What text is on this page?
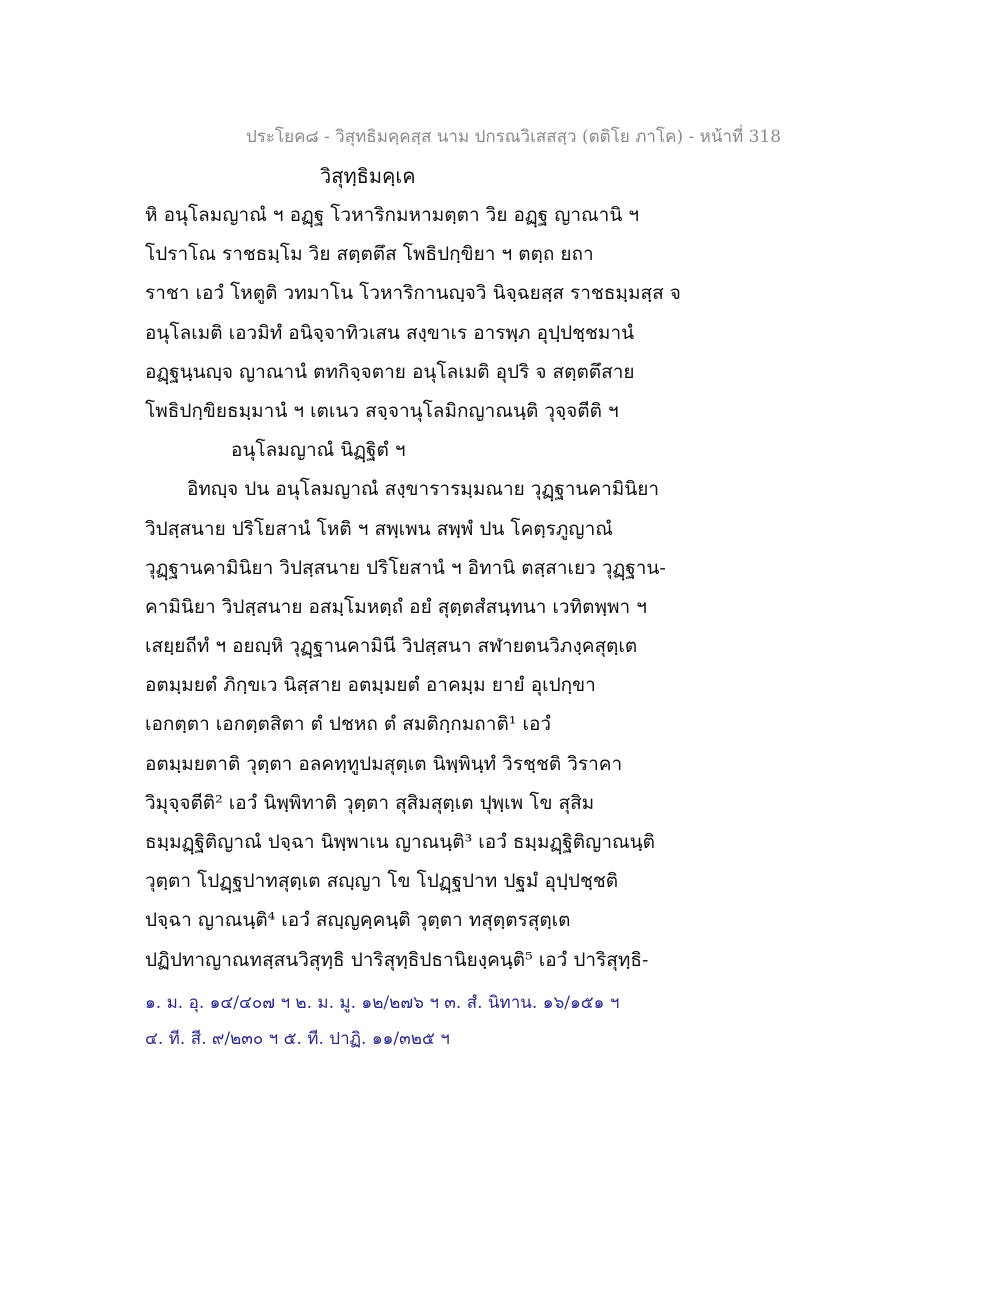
ประโยค๘ - วิสุทธิมคฺคสฺส นาม ปกรณวิเสสสฺว (ตติโย ภาโค) - หน้าที่ 318
วิสุทฺธิมคฺเค
หิ อนุโลมญาณํ ฯ อฏฺฐ โวหาริกมหามตฺตา วิย อฏฺฐ ญาณานิ ฯ
โปราโณ ราชธมฺโม วิย สตฺตตึส โพธิปกฺขิยา ฯ ตตฺถ ยถา
ราชา เอวํ โหตูติ วทมาโน โวหาริกานญฺจวิ นิจฺฉยสฺส ราชธมฺมสฺส จ
อนุโลเมติ เอวมิทํ อนิจฺจาทิวเสน สงฺขาเร อารพฺภ อุปฺปชฺชมานํ
อฏฺฐนฺนญฺจ ญาณานํ ตทกิจฺจตาย อนุโลเมติ อุปริ จ สตฺตตึสาย
โพธิปกฺขิยธมฺมานํ ฯ เตเนว สจฺจานุโลมิกญาณนฺติ วุจฺจตีติ ฯ
อนุโลมญาณํ นิฏฺฐิตํ ฯ
อิทญฺจ ปน อนุโลมญาณํ สงฺขารารมฺมณาย วุฏฺฐานคามินิยา
วิปสฺสนาย ปริโยสานํ โหติ ฯ สพฺเพน สพฺพํ ปน โคตฺรภูญาณํ
วุฏฺฐานคามินิยา วิปสฺสนาย ปริโยสานํ ฯ อิทานิ ตสฺสาเยว วุฏฺฐาน-
คามินิยา วิปสฺสนาย อสมฺโมหตฺถํ อยํ สุตฺตสํสนฺทนา เวทิตพฺพา ฯ
เสยฺยถีทํ ฯ อยญฺหิ วุฏฺฐานคามินี วิปสฺสนา สฬายตนวิภงฺคสุตฺเต
อตมฺมยตํ ภิกฺขเว นิสฺสาย อตมฺมยตํ อาคมฺม ยายํ อุเปกฺขา
เอกตฺตา เอกตฺตสิตา ตํ ปชหถ ตํ สมติกฺกมถาติ¹ เอวํ
อตมฺมยตาติ วุตฺตา อลคทฺทูปมสุตฺเต นิพฺพินฺทํ วิรชฺชติ วิราคา
วิมุจฺจตีติ² เอวํ นิพฺพิทาติ วุตฺตา สุสิมสุตฺเต ปุพฺเพ โข สุสิม
ธมฺมฏฺฐิติญาณํ ปจฺฉา นิพฺพาเน ญาณนฺติ³ เอวํ ธมฺมฏฺฐิติญาณนฺติ
วุตฺตา โปฏฺฐปาทสุตฺเต สญฺญา โข โปฏฺฐปาท ปฐมํ อุปฺปชฺชติ
ปจฺฉา ญาณนฺติ⁴ เอวํ สญฺญคฺคนฺติ วุตฺตา ทสุตฺตรสุตฺเต
ปฏิปทาญาณทสฺสนวิสุทฺธิ ปาริสุทฺธิปธานิยงฺคนฺติ⁵ เอวํ ปาริสุทฺธิ-
๑. ม. อุ. ๑๔/๔๐๗ ฯ ๒. ม. มู. ๑๒/๒๗๖ ฯ ๓. สํ. นิทาน. ๑๖/๑๕๑ ฯ
๔. ที. สี. ๙/๒๓๐ ฯ ๕. ที. ปาฏิ. ๑๑/๓๒๕ ฯ
